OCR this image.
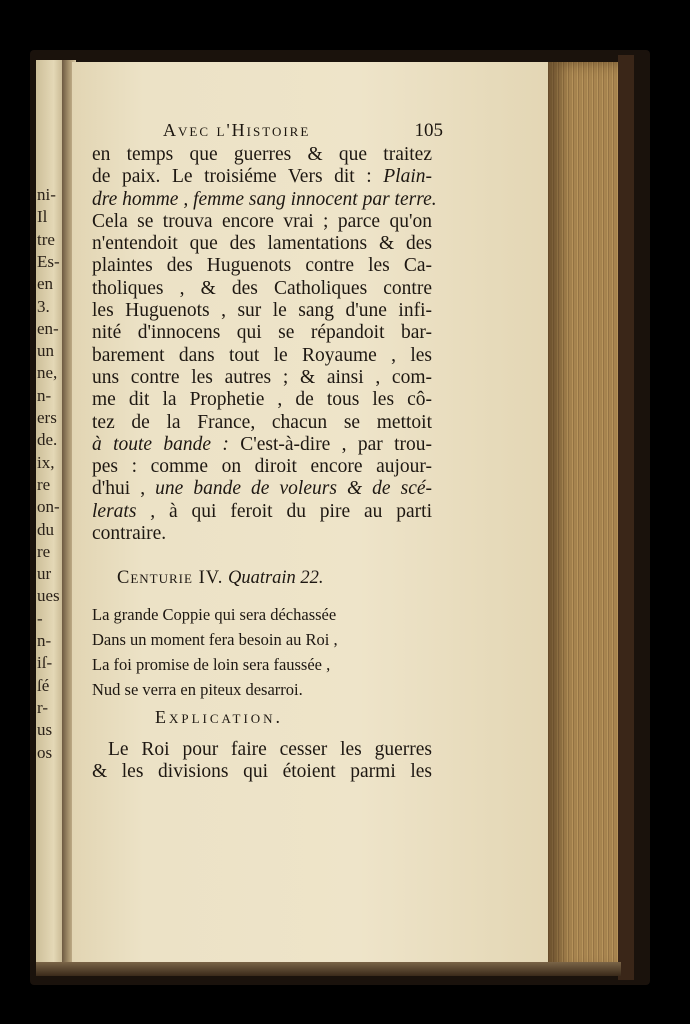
ni-
Il
tre
Es-
en
3.
en-
un
ne,
n-
ers
de.
ix,
re
on-
du
re
ur
ues
-
n-
iſ-
ſé
r-
us
os
Avec l'Histoire	105
en temps que guerres & que traitez
de paix. Le troisiéme Vers dit : Plain-
dre homme , femme sang innocent par terre.
Cela se trouva encore vrai ; parce qu'on
n'entendoit que des lamentations & des
plaintes des Huguenots contre les Ca-
tholiques , & des Catholiques contre
les Huguenots , sur le sang d'une infi-
nité d'innocens qui se répandoit bar-
barement dans tout le Royaume , les
uns contre les autres ; & ainsi , com-
me dit la Prophetie , de tous les cô-
tez de la France, chacun se mettoit
à toute bande : C'est-à-dire , par trou-
pes : comme on diroit encore aujour-
d'hui , une bande de voleurs & de scé-
lerats , à qui feroit du pire au parti
contraire.
Centurie IV. Quatrain 22.
La grande Coppie qui sera déchassée
Dans un moment fera besoin au Roi ,
La foi promise de loin sera faussée ,
Nud se verra en piteux desarroi.
Explication.
Le Roi pour faire cesser les guerres
& les divisions qui étoient parmi les
